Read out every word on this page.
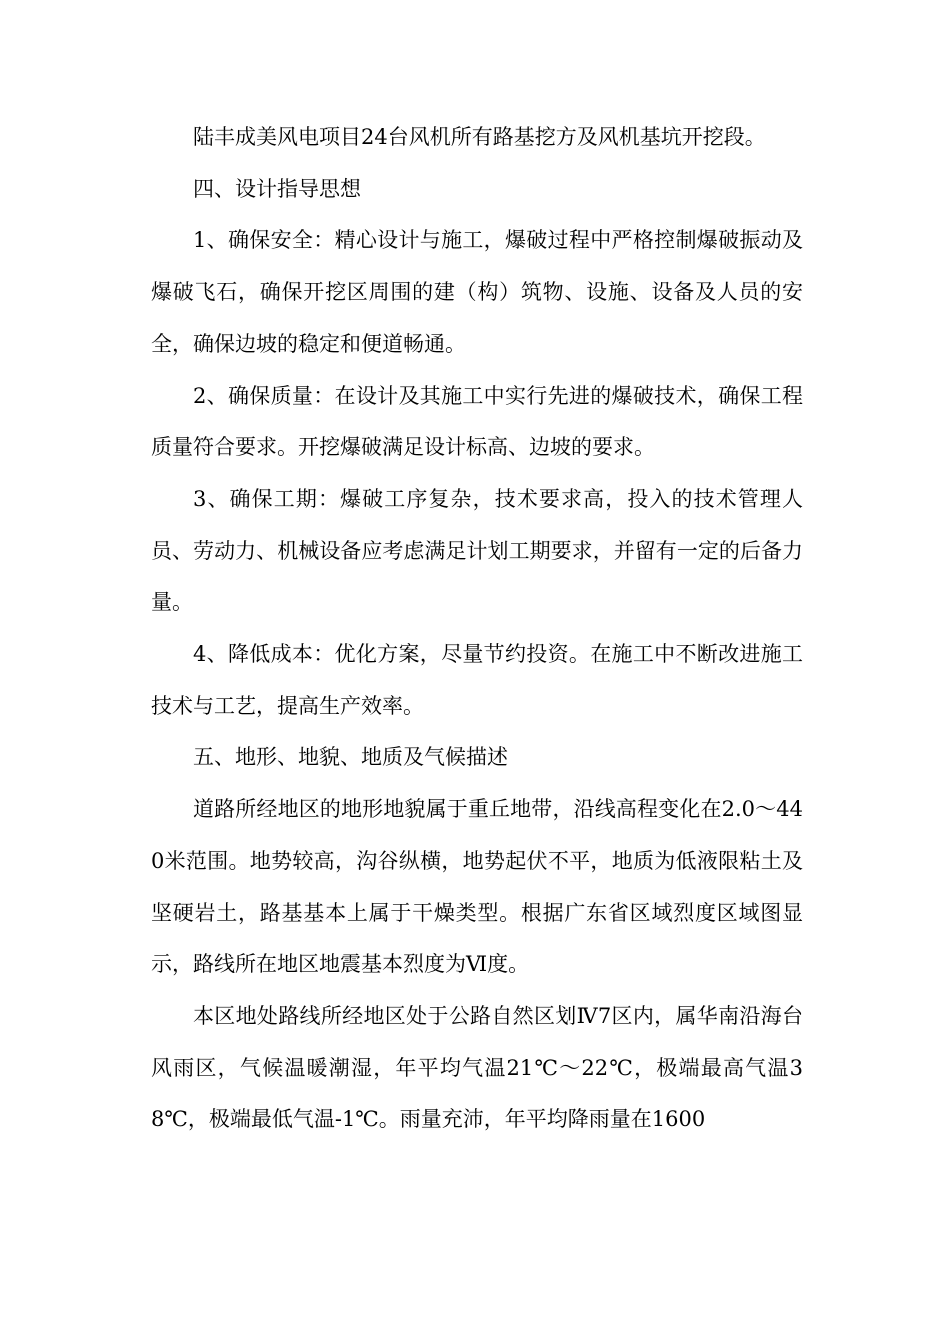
陆丰成美风电项目24台风机所有路基挖方及风机基坑开挖段。

四、设计指导思想

1、确保安全：精心设计与施工，爆破过程中严格控制爆破振动及爆破飞石，确保开挖区周围的建（构）筑物、设施、设备及人员的安全，确保边坡的稳定和便道畅通。

2、确保质量：在设计及其施工中实行先进的爆破技术，确保工程质量符合要求。开挖爆破满足设计标高、边坡的要求。

3、确保工期：爆破工序复杂，技术要求高，投入的技术管理人员、劳动力、机械设备应考虑满足计划工期要求，并留有一定的后备力量。

4、降低成本：优化方案，尽量节约投资。在施工中不断改进施工技术与工艺，提高生产效率。

五、地形、地貌、地质及气候描述

道路所经地区的地形地貌属于重丘地带，沿线高程变化在2.0～440米范围。地势较高，沟谷纵横，地势起伏不平，地质为低液限粘土及坚硬岩土，路基基本上属于干燥类型。根据广东省区域烈度区域图显示，路线所在地区地震基本烈度为Ⅵ度。

本区地处路线所经地区处于公路自然区划Ⅳ7区内，属华南沿海台风雨区，气候温暖潮湿，年平均气温21℃～22℃，极端最高气温38℃，极端最低气温-1℃。雨量充沛，年平均降雨量在1600
